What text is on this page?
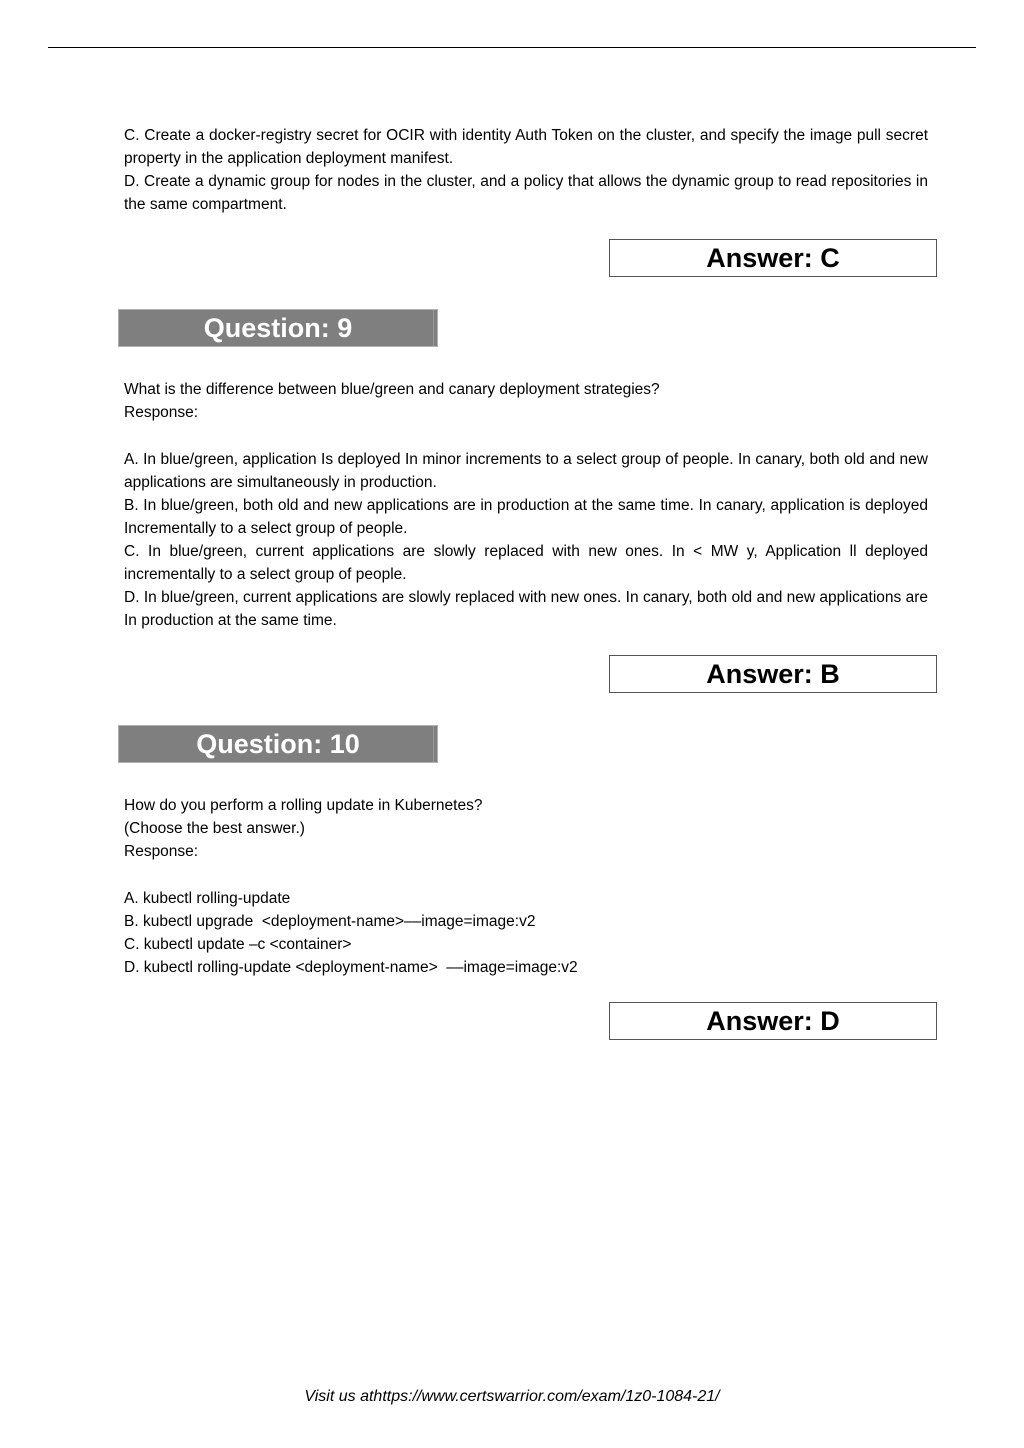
C. Create a docker-registry secret for OCIR with identity Auth Token on the cluster, and specify the image pull secret property in the application deployment manifest.

D. Create a dynamic group for nodes in the cluster, and a policy that allows the dynamic group to read repositories in the same compartment.

Answer: C
Question: 9

What is the difference between blue/green and canary deployment strategies?

Response:

A. In blue/green, application Is deployed In minor increments to a select group of people. In canary, both old and new applications are simultaneously in production.

B. In blue/green, both old and new applications are in production at the same time. In canary, application is deployed Incrementally to a select group of people.

C. In blue/green, current applications are slowly replaced with new ones. In < MW y, Application ll deployed incrementally to a select group of people.

D. In blue/green, current applications are slowly replaced with new ones. In canary, both old and new applications are In production at the same time.

Answer: B
Question: 10

How do you perform a rolling update in Kubernetes?

(Choose the best answer.)

Response:

A. kubectl rolling-update

B. kubectl upgrade  <deployment-name>––image=image:v2

C. kubectl update –c <container>

D. kubectl rolling-update <deployment-name>  ––image=image:v2

Answer: D
Visit us athttps://www.certswarrior.com/exam/1z0-1084-21/
